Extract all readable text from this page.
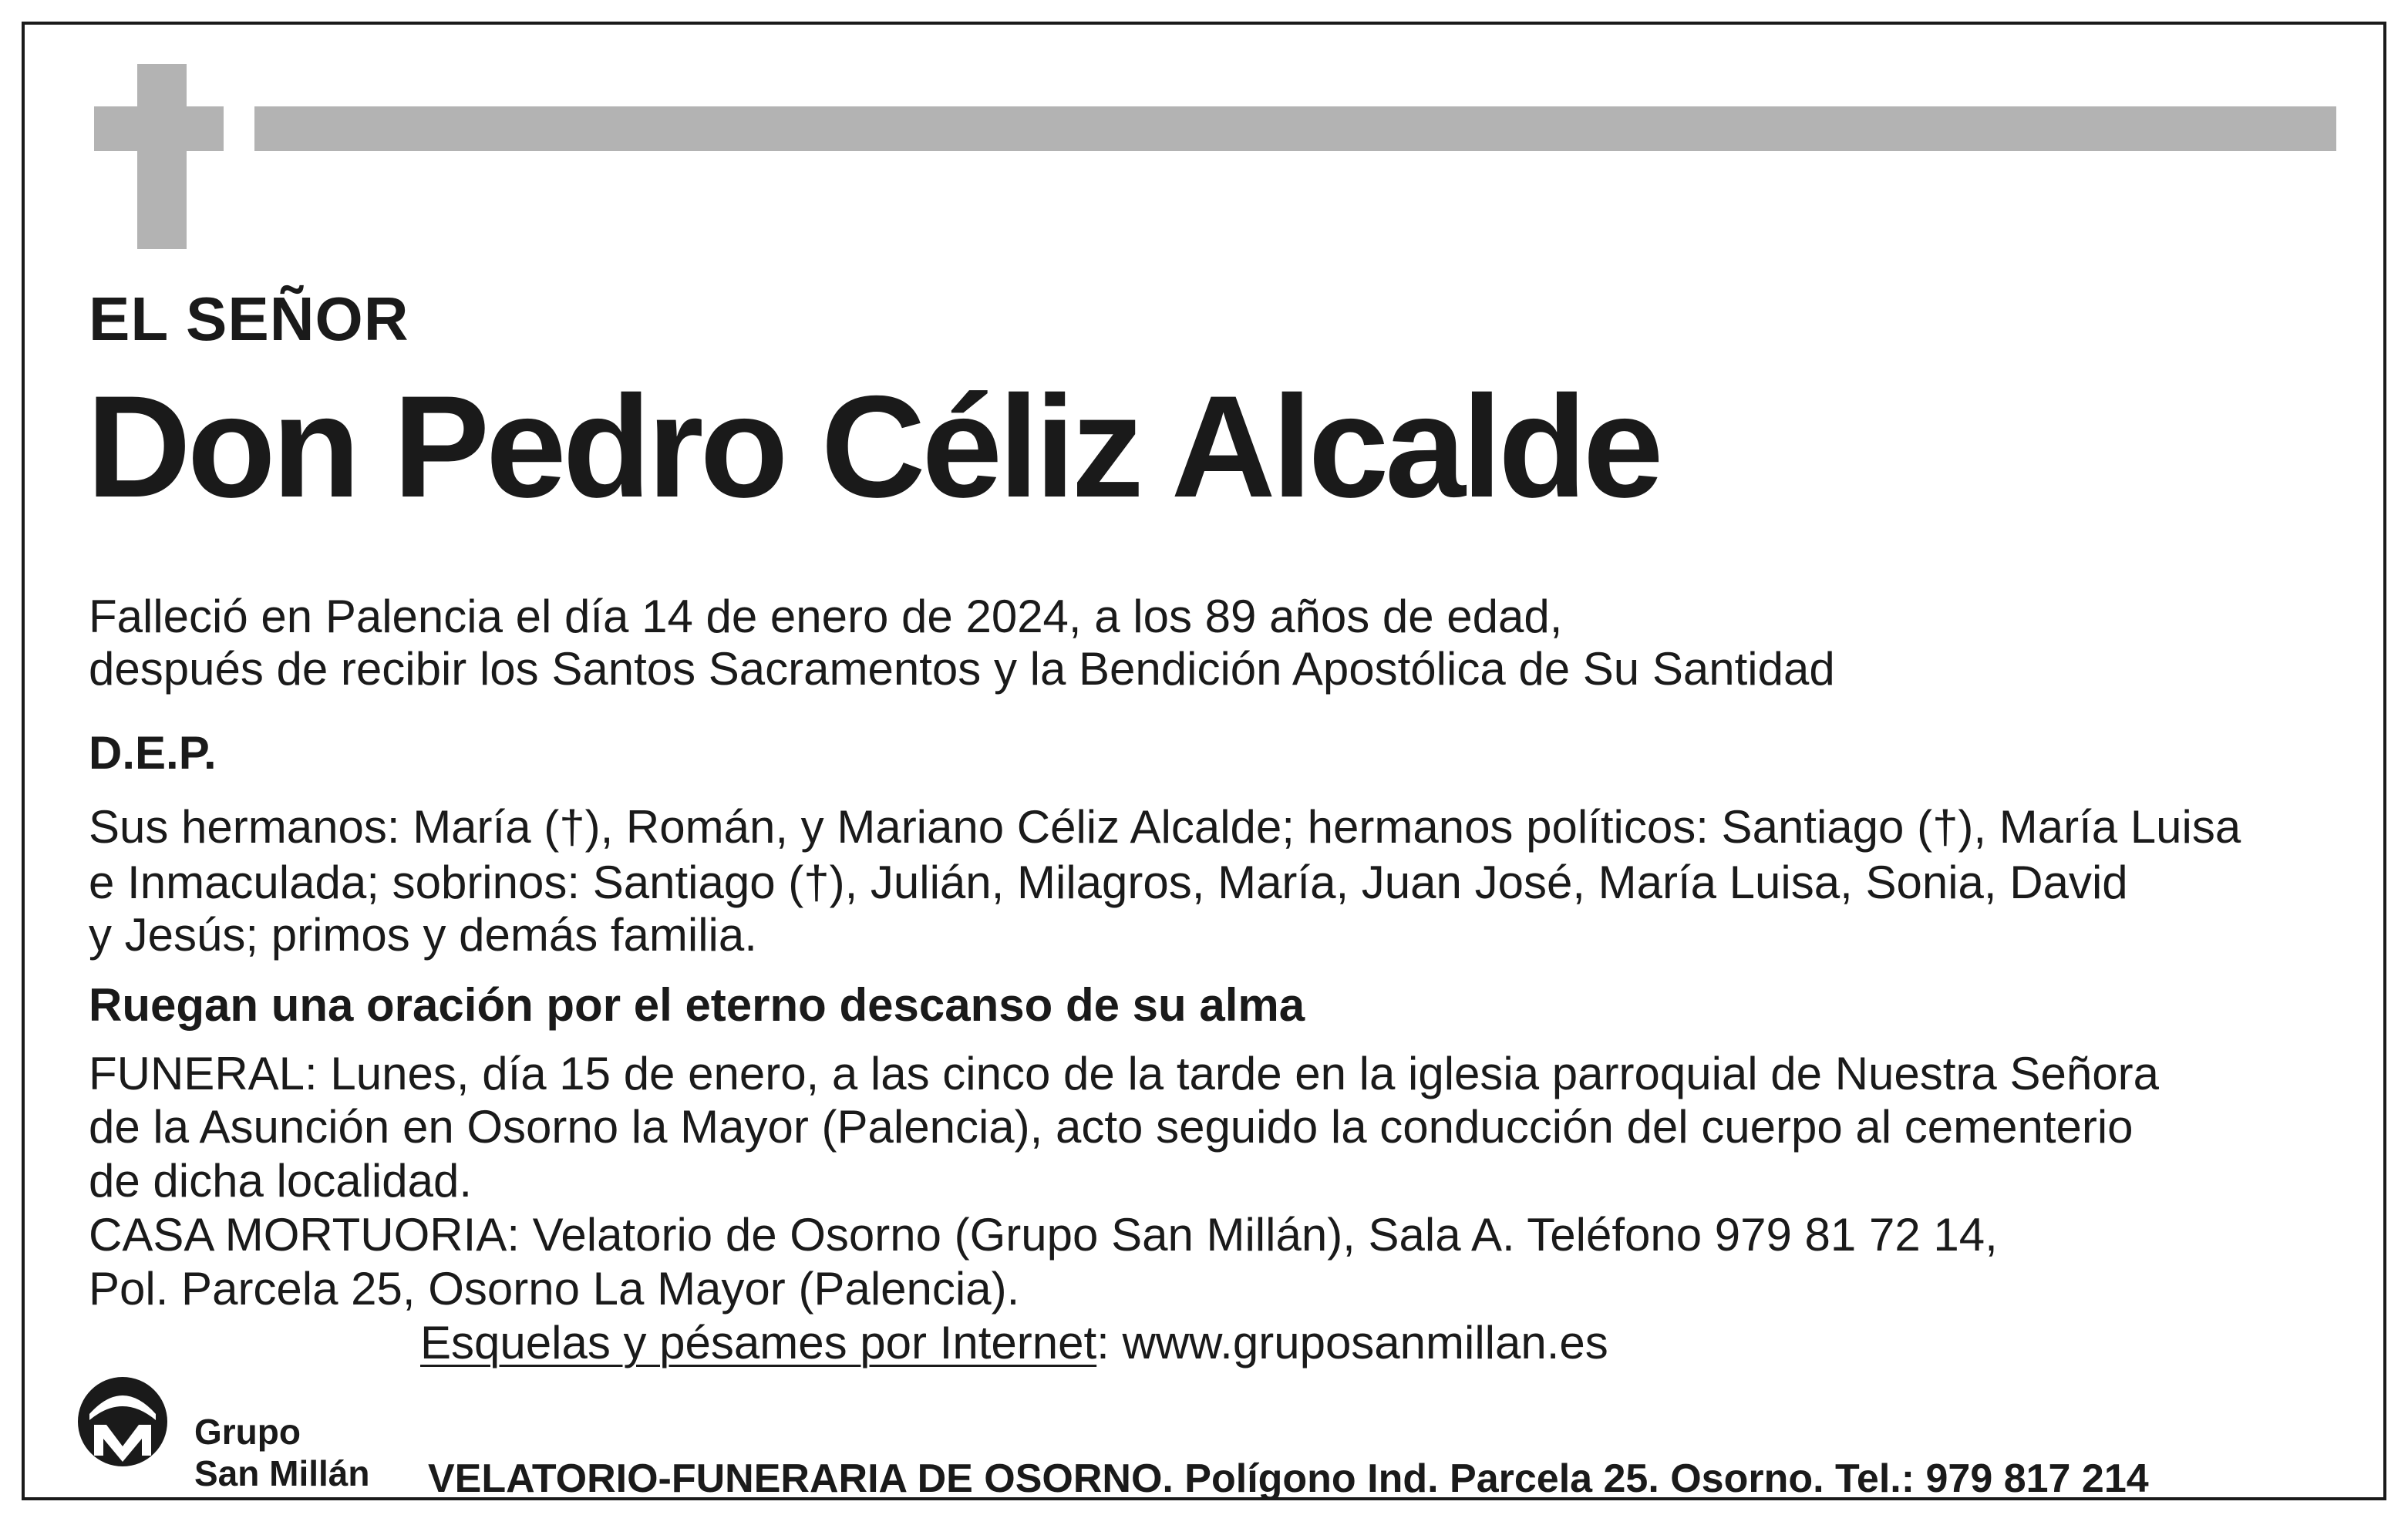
EL SEÑOR

Don Pedro Céliz Alcalde

Falleció en Palencia el día 14 de enero de 2024, a los 89 años de edad,

después de recibir los Santos Sacramentos y la Bendición Apostólica de Su Santidad

D.E.P.

Sus hermanos: María (†), Román, y Mariano Céliz Alcalde; hermanos políticos: Santiago (†), María Luisa

e Inmaculada; sobrinos: Santiago (†), Julián, Milagros, María, Juan José, María Luisa, Sonia, David

y Jesús; primos y demás familia.

Ruegan una oración por el eterno descanso de su alma

FUNERAL: Lunes, día 15 de enero, a las cinco de la tarde en la iglesia parroquial de Nuestra Señora

de la Asunción en Osorno la Mayor (Palencia), acto seguido la conducción del cuerpo al cementerio

de dicha localidad.

CASA MORTUORIA: Velatorio de Osorno (Grupo San Millán), Sala A. Teléfono 979 81 72 14,

Pol. Parcela 25, Osorno La Mayor (Palencia).

Esquelas y pésames por Internet: www.gruposanmillan.es

Grupo

San Millán VELATORIO-FUNERARIA DE OSORNO. Polígono Ind. Parcela 25. Osorno. Tel.: 979 817 214
